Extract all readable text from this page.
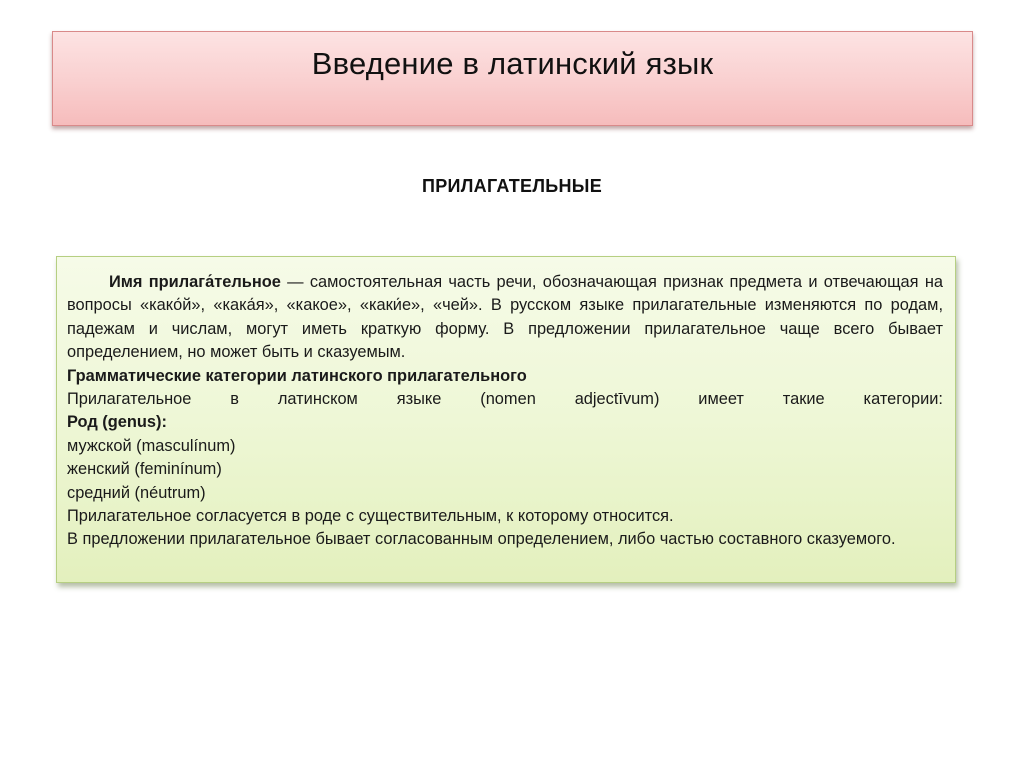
Введение в латинский язык
ПРИЛАГАТЕЛЬНЫЕ

Имя прилага́тельное — самостоятельная часть речи, обозначающая признак предмета и отвечающая на вопросы «како́й», «кака́я», «какое», «каки́е», «чей». В русском языке прилагательные изменяются по родам, падежам и числам, могут иметь краткую форму. В предложении прилагательное чаще всего бывает определением, но может быть и сказуемым.

Грамматические категории латинского прилагательного

Прилагательное в латинском языке (nomen adjectīvum) имеет такие категории:

Род (genus):

мужской (masculínum)

женский (feminínum)

средний (néutrum)

Прилагательное согласуется в роде с существительным, к которому относится.

В предложении прилагательное бывает согласованным определением, либо частью составного сказуемого.
